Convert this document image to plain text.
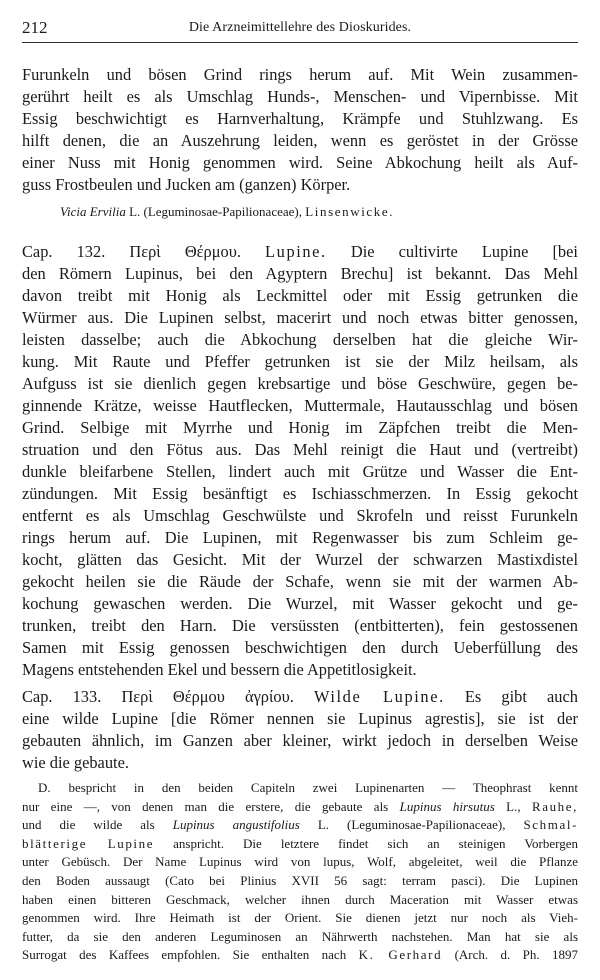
212	Die Arzneimittellehre des Dioskurides.
Furunkeln und bösen Grind rings herum auf. Mit Wein zusammen-
gerührt heilt es als Umschlag Hunds-, Menschen- und Vipernbisse. Mit
Essig beschwichtigt es Harnverhaltung, Krämpfe und Stuhlzwang. Es
hilft denen, die an Auszehrung leiden, wenn es geröstet in der Grösse
einer Nuss mit Honig genommen wird. Seine Abkochung heilt als Auf-
guss Frostbeulen und Jucken am (ganzen) Körper.
Vicia Ervilia L. (Leguminosae-Papilionaceae), Linsenwicke.
Cap. 132. Περὶ Θέρμου. Lupine. Die cultivirte Lupine [bei
den Römern Lupinus, bei den Agyptern Brechu] ist bekannt. Das Mehl
davon treibt mit Honig als Leckmittel oder mit Essig getrunken die
Würmer aus. Die Lupinen selbst, macerirt und noch etwas bitter genossen,
leisten dasselbe; auch die Abkochung derselben hat die gleiche Wir-
kung. Mit Raute und Pfeffer getrunken ist sie der Milz heilsam, als
Aufguss ist sie dienlich gegen krebsartige und böse Geschwüre, gegen be-
ginnende Krätze, weisse Hautflecken, Muttermale, Hautausschlag und bösen
Grind. Selbige mit Myrrhe und Honig im Zäpfchen treibt die Men-
struation und den Fötus aus. Das Mehl reinigt die Haut und (vertreibt)
dunkle bleifarbene Stellen, lindert auch mit Grütze und Wasser die Ent-
zündungen. Mit Essig besänftigt es Ischiasschmerzen. In Essig gekocht
entfernt es als Umschlag Geschwülste und Skrofeln und reisst Furunkeln
rings herum auf. Die Lupinen, mit Regenwasser bis zum Schleim ge-
kocht, glätten das Gesicht. Mit der Wurzel der schwarzen Mastixdistel
gekocht heilen sie die Räude der Schafe, wenn sie mit der warmen Ab-
kochung gewaschen werden. Die Wurzel, mit Wasser gekocht und ge-
trunken, treibt den Harn. Die versüssten (entbitterten), fein gestossenen
Samen mit Essig genossen beschwichtigen den durch Ueberfüllung des
Magens entstehenden Ekel und bessern die Appetitlosigkeit.
Cap. 133. Περὶ Θέρμου ἀγρίου. Wilde Lupine. Es gibt auch
eine wilde Lupine [die Römer nennen sie Lupinus agrestis], sie ist der
gebauten ähnlich, im Ganzen aber kleiner, wirkt jedoch in derselben Weise
wie die gebaute.
D. bespricht in den beiden Capiteln zwei Lupinenarten — Theophrast kennt
nur eine —, von denen man die erstere, die gebaute als Lupinus hirsutus L., Rauhe,
und die wilde als Lupinus angustifolius L. (Leguminosae-Papilionaceae), Schmal-
blätterige Lupine anspricht. Die letztere findet sich an steinigen Vorbergen
unter Gebüsch. Der Name Lupinus wird von lupus, Wolf, abgeleitet, weil die Pflanze
den Boden aussaugt (Cato bei Plinius XVII 56 sagt: terram pasci). Die Lupinen
haben einen bitteren Geschmack, welcher ihnen durch Maceration mit Wasser etwas
genommen wird. Ihre Heimath ist der Orient. Sie dienen jetzt nur noch als Vieh-
futter, da sie den anderen Leguminosen an Nährwerth nachstehen. Man hat sie als
Surrogat des Kaffees empfohlen. Sie enthalten nach K. Gerhard (Arch. d. Ph. 1897
